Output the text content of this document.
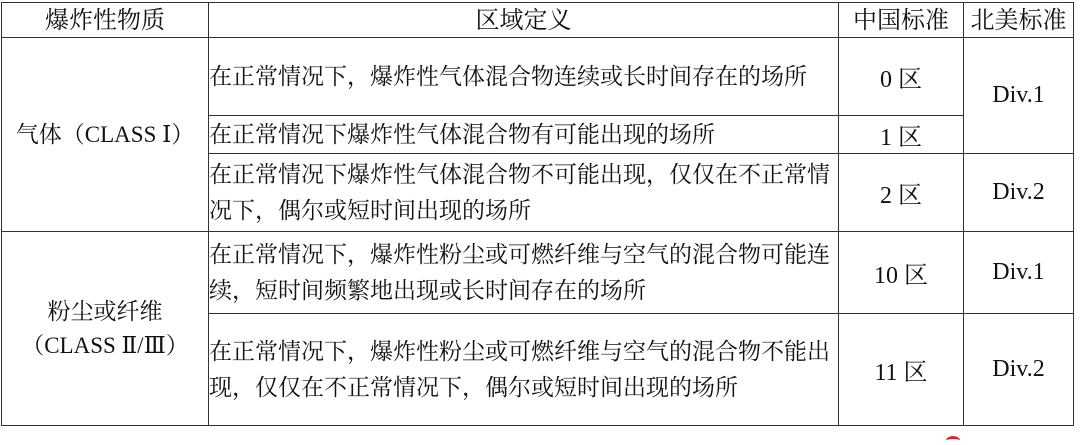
爆炸性物质	区域定义	中国标准	北美标准

气体（CLASS Ⅰ）	在正常情况下，爆炸性气体混合物连续或长时间存在的场所	0 区	Div.1
	在正常情况下爆炸性气体混合物有可能出现的场所	1 区	
	在正常情况下爆炸性气体混合物不可能出现，仅仅在不正常情况下，偶尔或短时间出现的场所	2 区	Div.2

粉尘或纤维
（CLASS Ⅱ/Ⅲ）	在正常情况下，爆炸性粉尘或可燃纤维与空气的混合物可能连续，短时间频繁地出现或长时间存在的场所	10 区	Div.1
	在正常情况下，爆炸性粉尘或可燃纤维与空气的混合物不能出现，仅仅在不正常情况下，偶尔或短时间出现的场所	11 区	Div.2
